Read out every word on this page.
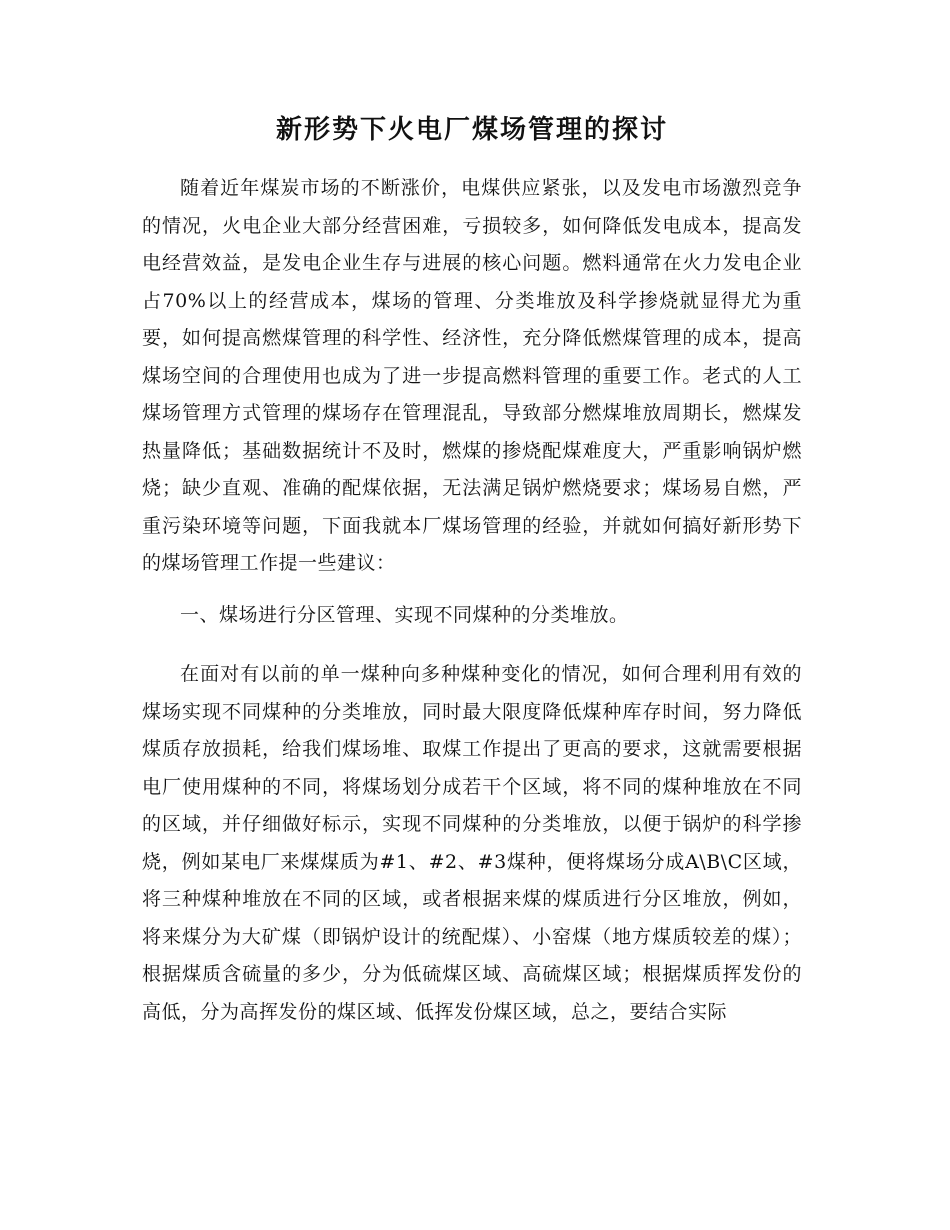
新形势下火电厂煤场管理的探讨

随着近年煤炭市场的不断涨价，电煤供应紧张，以及发电市场激烈竞争的情况，火电企业大部分经营困难，亏损较多，如何降低发电成本，提高发电经营效益，是发电企业生存与进展的核心问题。燃料通常在火力发电企业占70%以上的经营成本，煤场的管理、分类堆放及科学掺烧就显得尤为重要，如何提高燃煤管理的科学性、经济性，充分降低燃煤管理的成本，提高煤场空间的合理使用也成为了进一步提高燃料管理的重要工作。老式的人工煤场管理方式管理的煤场存在管理混乱，导致部分燃煤堆放周期长，燃煤发热量降低；基础数据统计不及时，燃煤的掺烧配煤难度大，严重影响锅炉燃烧；缺少直观、准确的配煤依据，无法满足锅炉燃烧要求；煤场易自燃，严重污染环境等问题，下面我就本厂煤场管理的经验，并就如何搞好新形势下的煤场管理工作提一些建议：

一、煤场进行分区管理、实现不同煤种的分类堆放。

在面对有以前的单一煤种向多种煤种变化的情况，如何合理利用有效的煤场实现不同煤种的分类堆放，同时最大限度降低煤种库存时间，努力降低煤质存放损耗，给我们煤场堆、取煤工作提出了更高的要求，这就需要根据电厂使用煤种的不同，将煤场划分成若干个区域，将不同的煤种堆放在不同的区域，并仔细做好标示，实现不同煤种的分类堆放，以便于锅炉的科学掺烧，例如某电厂来煤煤质为#1、#2、#3煤种，便将煤场分成A\B\C区域，将三种煤种堆放在不同的区域，或者根据来煤的煤质进行分区堆放，例如，将来煤分为大矿煤（即锅炉设计的统配煤）、小窑煤（地方煤质较差的煤）；根据煤质含硫量的多少，分为低硫煤区域、高硫煤区域；根据煤质挥发份的高低，分为高挥发份的煤区域、低挥发份煤区域，总之，要结合实际
